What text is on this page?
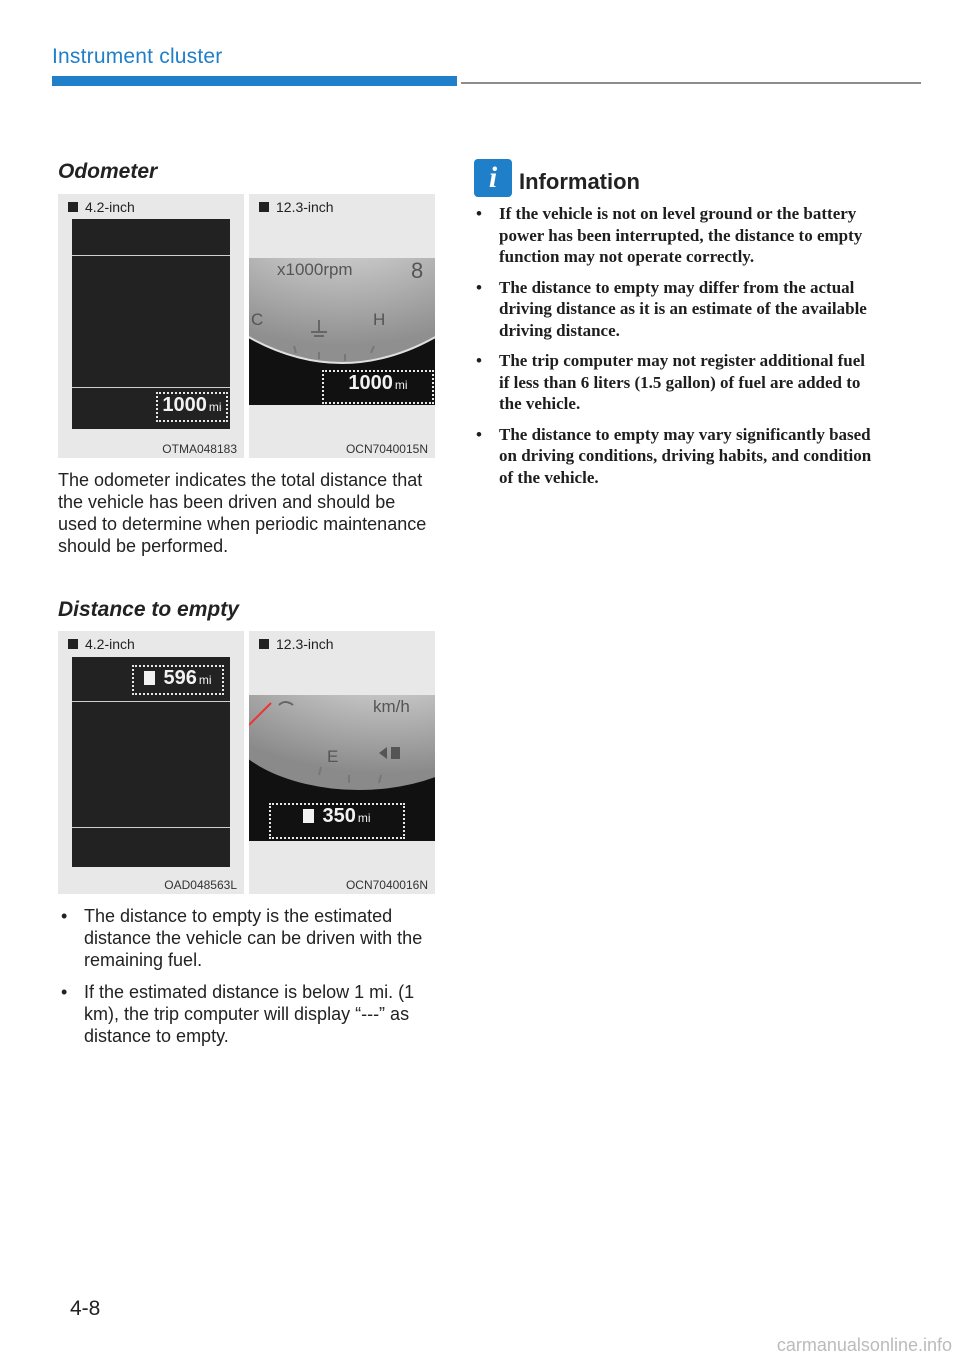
Instrument cluster
Odometer
4.2-inch
1000 mi
OTMA048183
12.3-inch
x1000rpm	8
C	H
1000 mi
OCN7040015N
The odometer indicates the total distance that the vehicle has been driven and should be used to determine when periodic maintenance should be performed.
Distance to empty
4.2-inch
596 mi
OAD048563L
12.3-inch
km/h
E
350 mi
OCN7040016N
• The distance to empty is the estimated distance the vehicle can be driven with the remaining fuel.
• If the estimated distance is below 1 mi. (1 km), the trip computer will display “---” as distance to empty.
i Information
• If the vehicle is not on level ground or the battery power has been interrupted, the distance to empty function may not operate correctly.
• The distance to empty may differ from the actual driving distance as it is an estimate of the available driving distance.
• The trip computer may not register additional fuel if less than 6 liters (1.5 gallon) of fuel are added to the vehicle.
• The distance to empty may vary significantly based on driving conditions, driving habits, and condition of the vehicle.
4-8
carmanualsonline.info
